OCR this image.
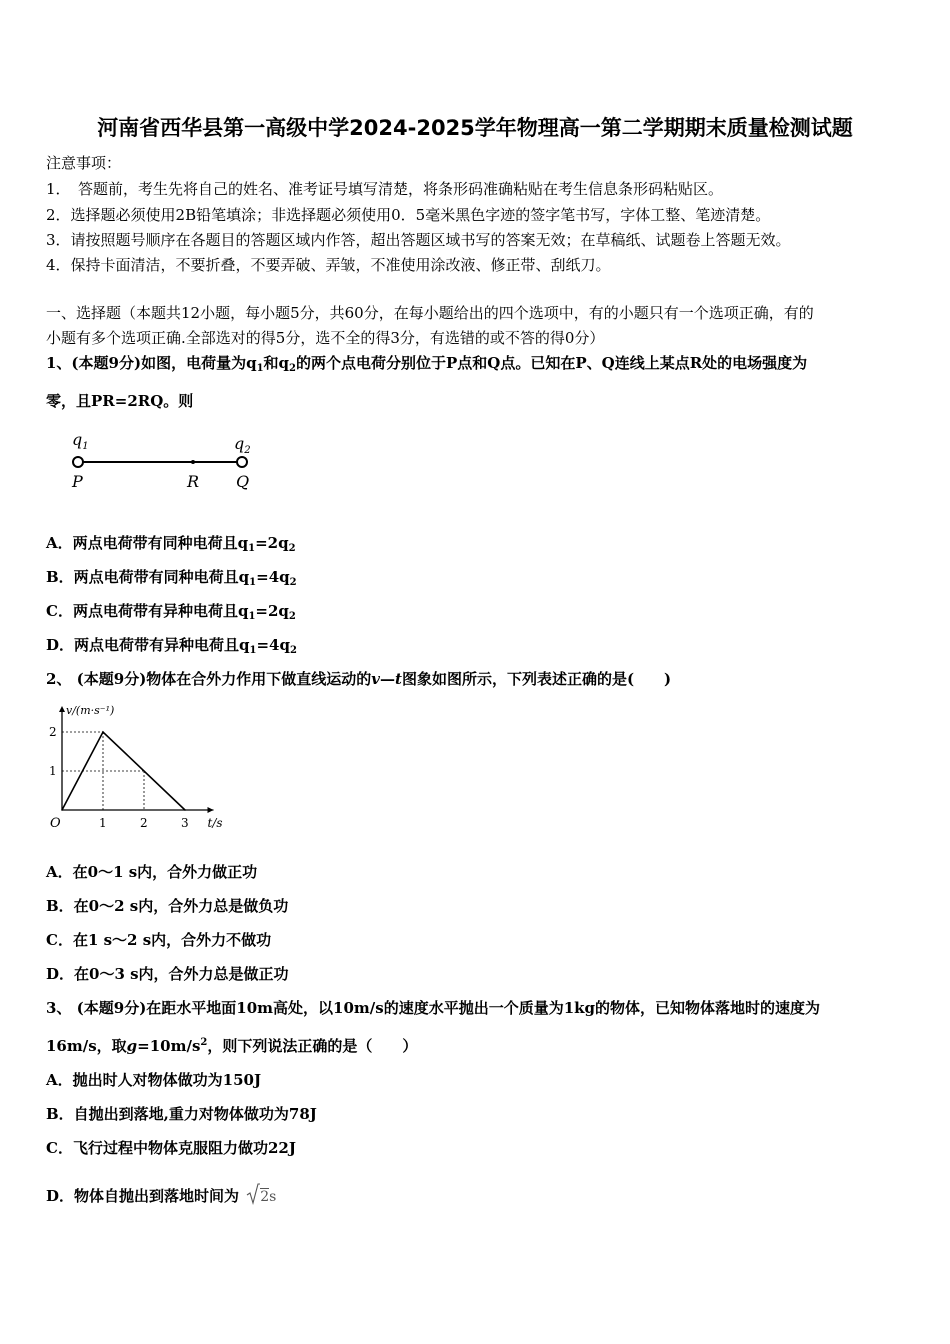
河南省西华县第一高级中学2024-2025学年物理高一第二学期期末质量检测试题
注意事项：
1．　答题前，考生先将自己的姓名、准考证号填写清楚，将条形码准确粘贴在考生信息条形码粘贴区。
2．选择题必须使用2B铅笔填涂；非选择题必须使用0．5毫米黑色字迹的签字笔书写，字体工整、笔迹清楚。
3．请按照题号顺序在各题目的答题区域内作答，超出答题区域书写的答案无效；在草稿纸、试题卷上答题无效。
4．保持卡面清洁，不要折叠，不要弄破、弄皱，不准使用涂改液、修正带、刮纸刀。
一、选择题（本题共12小题，每小题5分，共60分，在每小题给出的四个选项中，有的小题只有一个选项正确，有的
小题有多个选项正确.全部选对的得5分，选不全的得3分，有选错的或不答的得0分）
1、(本题9分)如图，电荷量为$q_1$和$q_2$的两个点电荷分别位于P点和Q点。已知在P、Q连线上某点R处的电场强度为
零，且PR=2RQ。则
$q_1$	$q_2$
P	R Q
A．两点电荷带有同种电荷且$q_1=2q_2$
B．两点电荷带有同种电荷且$q_1=4q_2$
C．两点电荷带有异种电荷且$q_1=2q_2$
D．两点电荷带有异种电荷且$q_1=4q_2$
2、 (本题9分)物体在合外力作用下做直线运动的v—t图象如图所示，下列表述正确的是(　　)
v/(m·s⁻¹)
t/s
O	1	2	3
1
2
A．在0～1 s内，合外力做正功
B．在0～2 s内，合外力总是做负功
C．在1 s～2 s内，合外力不做功
D．在0～3 s内，合外力总是做正功
3、 (本题9分)在距水平地面10m高处，以10m/s的速度水平抛出一个质量为1kg的物体，已知物体落地时的速度为
16m/s，取$g=10m/s^2$，则下列说法正确的是（　　）
A．抛出时人对物体做功为150J
B．自抛出到落地,重力对物体做功为78J
C．飞行过程中物体克服阻力做功22J
D．物体自抛出到落地时间为 2s
